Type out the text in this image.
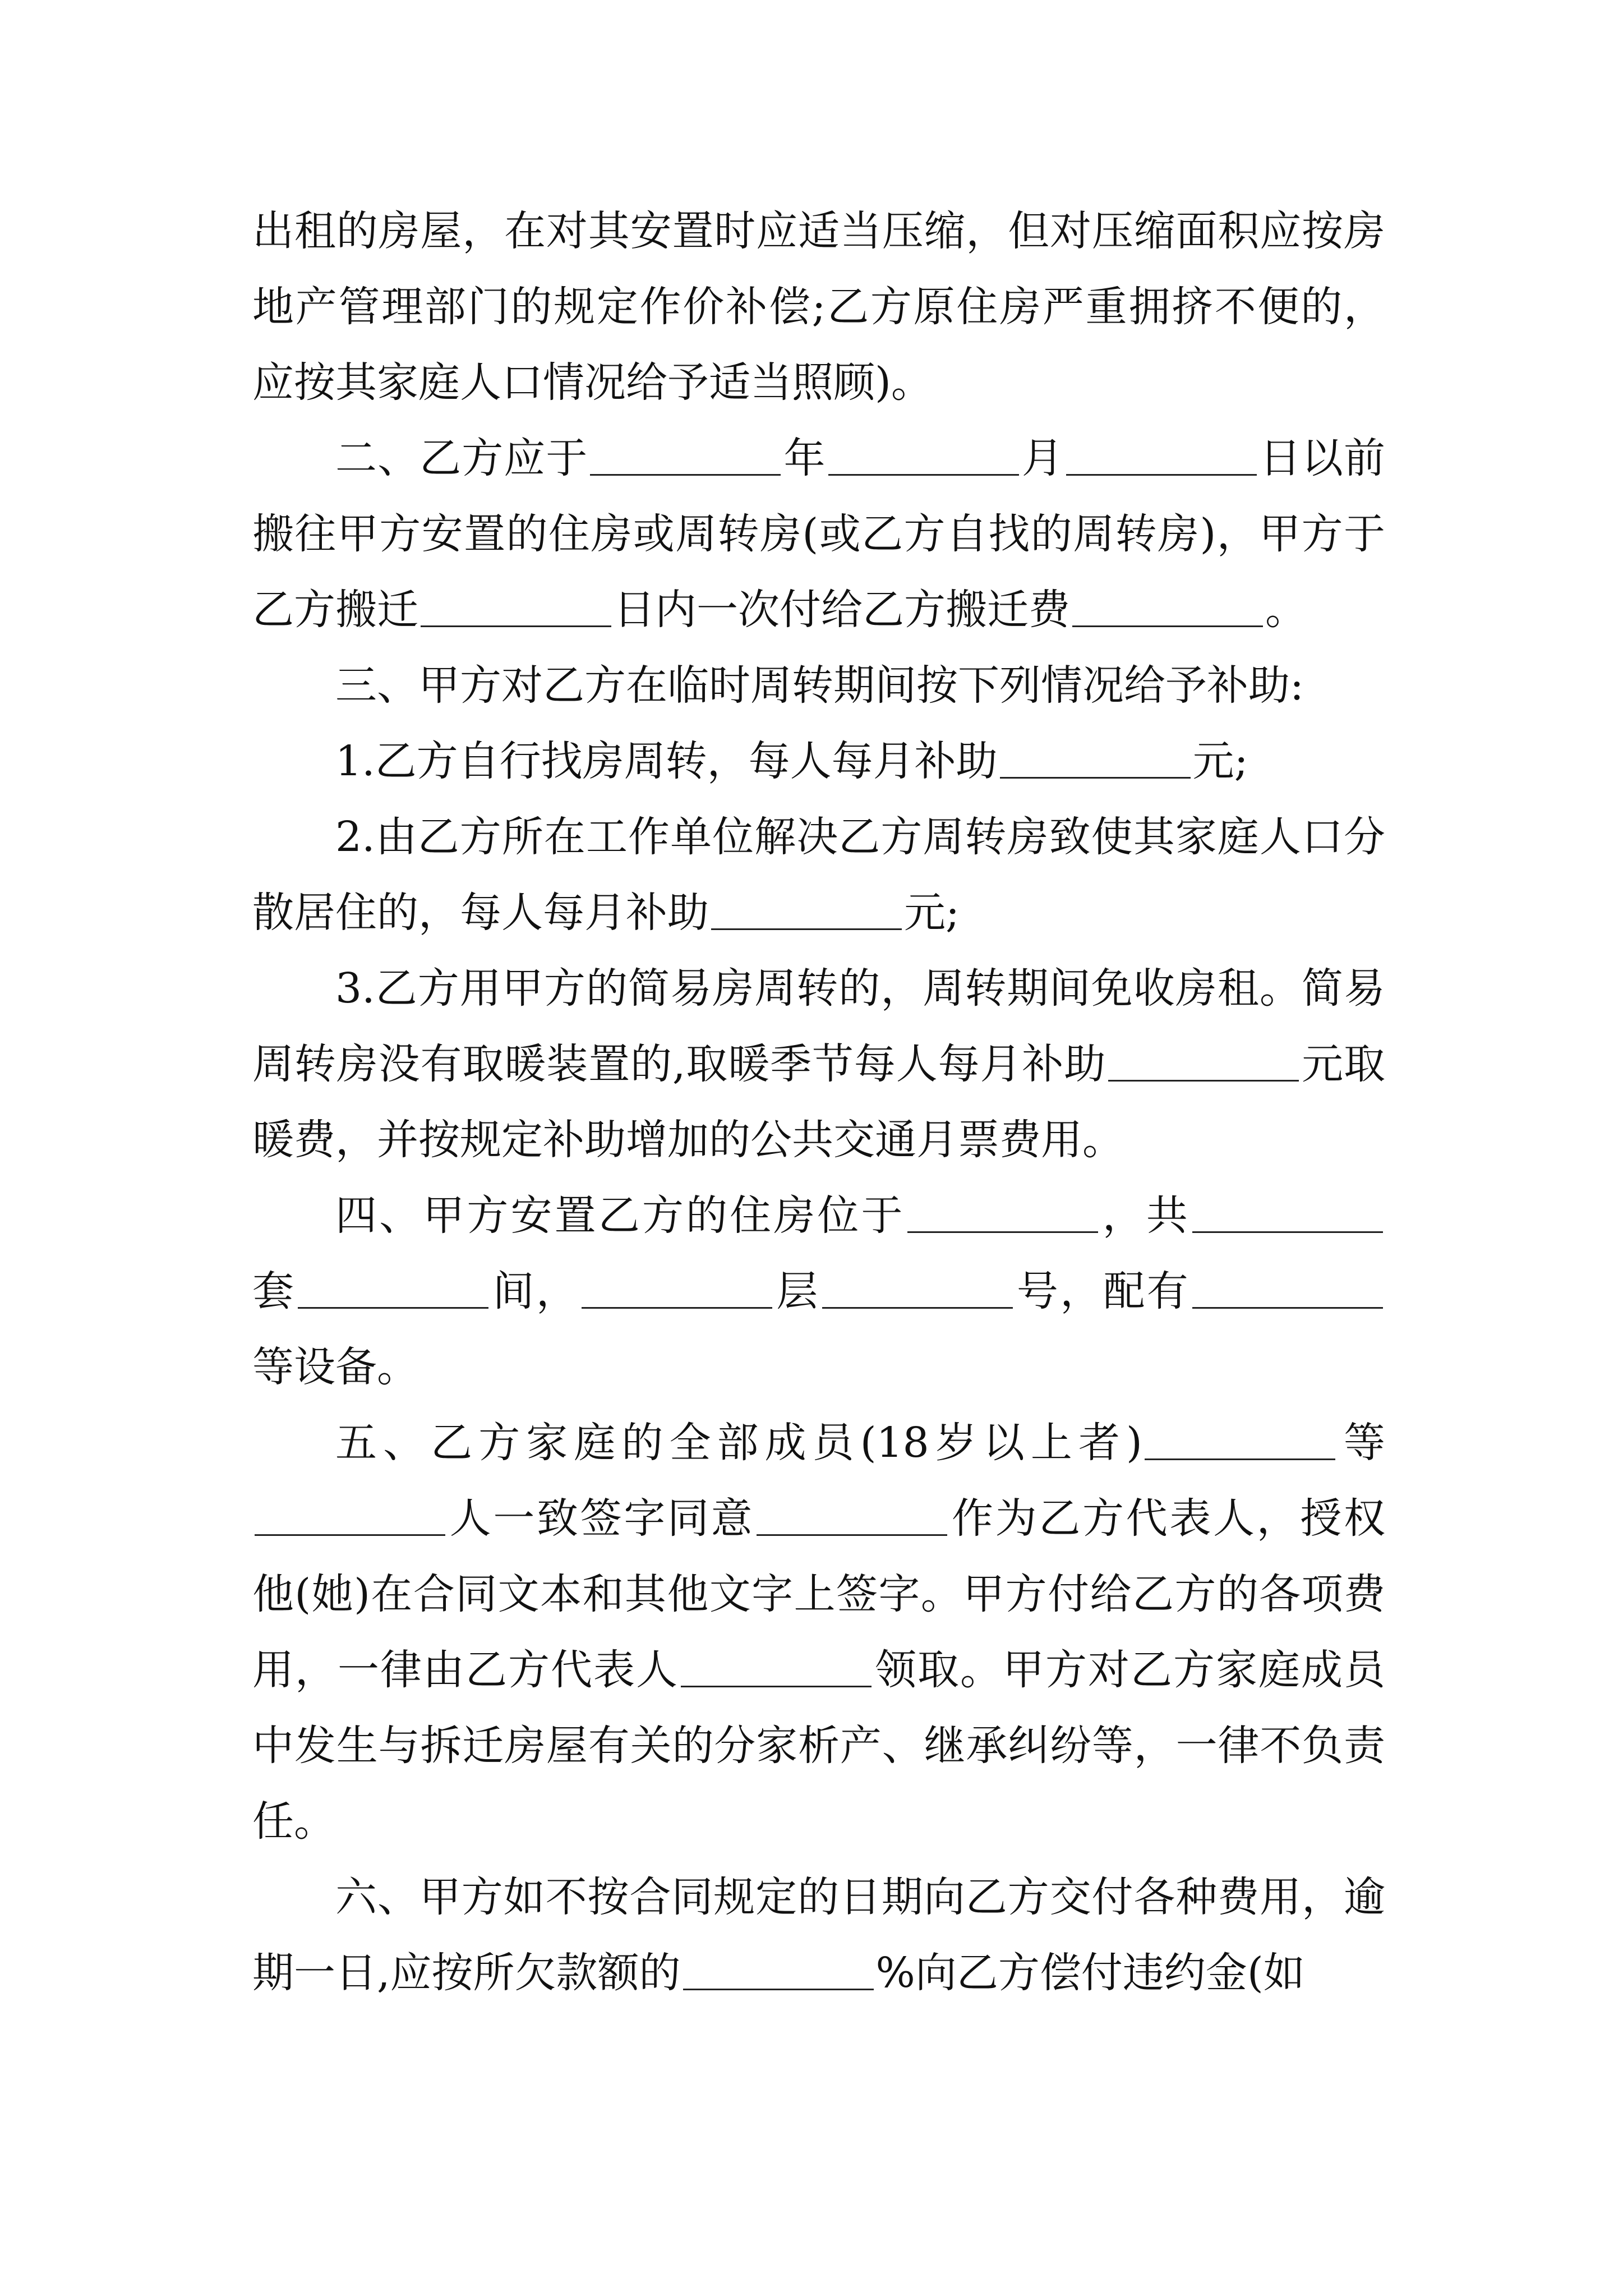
出租的房屋，在对其安置时应适当压缩，但对压缩面积应按房地产管理部门的规定作价补偿;乙方原住房严重拥挤不便的，应按其家庭人口情况给予适当照顾)。

二、乙方应于	年	月	日以前搬往甲方安置的住房或周转房(或乙方自找的周转房)，甲方于乙方搬迁	日内一次付给乙方搬迁费	。

三、甲方对乙方在临时周转期间按下列情况给予补助:

1.乙方自行找房周转，每人每月补助	元;

2.由乙方所在工作单位解决乙方周转房致使其家庭人口分散居住的，每人每月补助	元;

3.乙方用甲方的简易房周转的，周转期间免收房租。简易周转房没有取暖装置的,取暖季节每人每月补助	元取暖费，并按规定补助增加的公共交通月票费用。

四、甲方安置乙方的住房位于	，共套	间，	层	号，配有等设备。

五、乙方家庭的全部成员(18岁以上者)	等人一致签字同意	作为乙方代表人，授权他(她)在合同文本和其他文字上签字。甲方付给乙方的各项费用，一律由乙方代表人	领取。甲方对乙方家庭成员中发生与拆迁房屋有关的分家析产、继承纠纷等，一律不负责任。

六、甲方如不按合同规定的日期向乙方交付各种费用，逾期一日,应按所欠款额的	%向乙方偿付违约金(如
